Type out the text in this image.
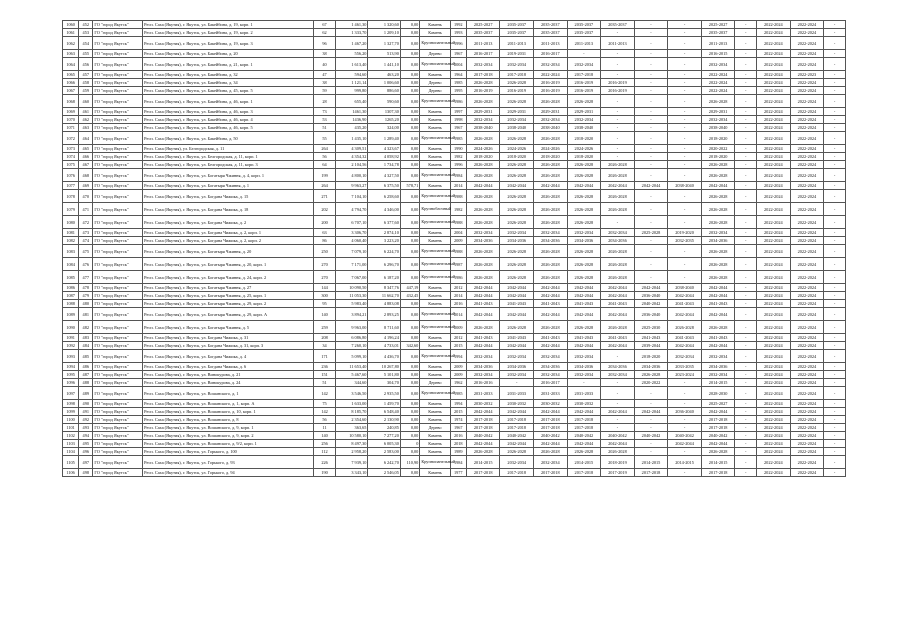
1060	452	ГО "город Якутск"	Респ. Саха (Якутия), г. Якутск, ул. Бакейбина, д. 19, корп. 1	67	1 461,30	1 320,60	0,00	Камень	1992	2025-2027	2035-2037	2035-2037	2035-2037	2035-2037	-	-	2025-2027	-	2022-2024	2022-2024	-
1061	453	ГО "город Якутск"	Респ. Саха (Якутия), г. Якутск, ул. Бакейбина, д. 19, корп. 2	62	1 333,70	1 209,10	0,00	Камень	1993	2035-2037	2035-2037	2035-2037	2035-2037	-	-	-	2035-2037	-	2022-2024	2022-2024	-
1062	454	ГО "город Якутск"	Респ. Саха (Якутия), г. Якутск, ул. Бакейбина, д. 19, корп. 3	96	1 467,20	1 327,70	0,00	Крупнопанельный	1996	2011-2013	2011-2013	2011-2013	2011-2013	2011-2013	-	-	2011-2013	-	2022-2024	2022-2024	-
1063	455	ГО "город Якутск"	Респ. Саха (Якутия), г. Якутск, ул. Бакейбина, д. 20	38	556,20	513,90	0,00	Дерево	1967	2016-2017	2019-2031	2016-2017	-	-	-	-	2016-2015	-	2022-2024	2022-2024	-
1064	456	ГО "город Якутск"	Респ. Саха (Якутия), г. Якутск, ул. Бакейбина, д. 21, корп. 1	40	1 613,40	1 441,10	0,00	Крупнопанельный	2004	2032-2034	2032-2034	2032-2034	2032-2034	-	-	-	2032-2034	-	2022-2024	2022-2024	-
1065	457	ГО "город Якутск"	Респ. Саха (Якутия), г. Якутск, ул. Бакейбина, д. 32	47	594,60	463,20	0,00	Камень	1964	2017-2018	2017-2018	2022-2024	2017-2018	-	-	-	2022-2024	-	2022-2024	2022-2023	-
1066	458	ГО "город Якутск"	Респ. Саха (Якутия), г. Якутск, ул. Бакейбина, д. 34	38	1 121,14	1 006,60	0,00	Дерево	1985	2026-2028	2026-2028	2016-2019	2016-2019	2016-2019	-	-	2022-2024	-	2022-2024	2022-2024	-
1067	459	ГО "город Якутск"	Респ. Саха (Якутия), г. Якутск, ул. Бакейбина, д. 45, корп. 5	59	999,80	886,60	0,00	Дерево	1995	2016-2019	2016-2019	2016-2019	2016-2019	2016-2019	-	-	2022-2024	-	2022-2024	2022-2024	-
1068	460	ГО "город Якутск"	Респ. Саха (Якутия), г. Якутск, ул. Бакейбина, д. 46, корп. 1	28	655,40	590,60	0,00	Крупнопанельный	1986	2026-2028	2026-2028	2026-2028	2026-2028	-	-	-	2026-2028	-	2022-2024	2022-2024	-
1069	461	ГО "город Якутск"	Респ. Саха (Якутия), г. Якутск, ул. Бакейбина, д. 46, корп. 3	73	1461,30	1307,30	0,00	Камень	1997	2029-2031	2029-2031	2029-2031	2029-2031	-	-	-	2029-2031	-	2022-2024	2022-2024	-
1070	462	ГО "город Якутск"	Респ. Саха (Якутия), г. Якутск, ул. Бакейбина, д. 46, корп. 4	53	1436,90	1265,20	0,00	Камень	1998	2032-2034	2032-2034	2032-2034	2032-2034	-	-	-	2032-2034	-	2022-2024	2022-2024	-
1071	463	ГО "город Якутск"	Респ. Саха (Якутия), г. Якутск, ул. Бакейбина, д. 46, корп. 5	51	435,20	324,00	0,00	Камень	1967	2038-2040	2038-2040	2038-2040	2038-2040	-	-	-	2038-2040	-	2022-2024	2022-2024	-
1072	464	ГО "город Якутск"	Респ. Саха (Якутия), г. Якутск, ул. Бакейбина, д. 50	55	1 435,10	1 289,40	0,00	Крупнопанельный	1985	2026-2028	2026-2028	2026-2028	2018-2020	-	-	-	2018-2020	-	2022-2024	2022-2024	-
1073	465	ГО "город Якутск"	Респ. Саха (Якутия), ул. Белгородская, д. 11	264	4 309,51	4 323,67	0,00	Камень	1990	2024-2026	2024-2026	2024-2026	2024-2026	-	-	-	2020-2022	-	2022-2024	2022-2024	-
1074	466	ГО "город Якутск"	Респ. Саха (Якутия), г. Якутск, ул. Белгородская, д. 11, корп. 1	56	4 354,32	4 058,92	0,00	Камень	1982	2018-2020	2018-2020	2018-2020	2018-2020	-	-	-	2018-2020	-	2022-2024	2022-2024	-
1075	467	ГО "город Якутск"	Респ. Саха (Якутия), г. Якутск, ул. Белгородская, д. 11, корп. 3	64	2 104,56	1 734,78	0,00	Камень	1996	2026-2028	2026-2028	2026-2028	2026-2028	2026-2028	-	-	2026-2028	-	2022-2024	2022-2024	-
1076	468	ГО "город Якутск"	Респ. Саха (Якутия), г. Якутск, ул. Богатыря Чжиння, д. 4, корп. 1	199	4 800,10	4 327,50	0,00	Крупнопанельный	1984	2026-2028	2026-2028	2026-2028	2026-2028	2026-2028	-	-	2026-2028	-	2022-2024	2022-2024	-
1077	469	ГО "город Якутск"	Респ. Саха (Якутия), г. Якутск, ул. Богатыря Чжиння, д. 1	264	9 963,27	6 375,50	578,71	Камень	2014	2042-2044	2042-2044	2042-2044	2042-2044	2042-2044	2042-2044	2038-2040	2042-2044	-	2022-2024	2022-2024	-
1078	470	ГО "город Якутск"	Респ. Саха (Якутия), г. Якутск, ул. Богдана Чижика, д. 15	271	7 104,10	6 258,60	0,00	Крупнопанельный	1988	2026-2028	2026-2028	2026-2028	2026-2028	2026-2028	-	-	2026-2028	-	2022-2024	2022-2024	-
1079	471	ГО "город Якутск"	Респ. Саха (Якутия), г. Якутск, ул. Богдана Чижика, д. 18	202	4 794,70	4 346,00	0,00	Крупноблочный	1982	2026-2028	2026-2028	2026-2028	2026-2028	2026-2028	-	-	2026-2028	-	2022-2024	2022-2024	-
1080	472	ГО "город Якутск"	Респ. Саха (Якутия), г. Якутск, ул. Богдана Чижика, д. 2	200	6 707,10	6 377,60	0,00	Крупнопанельный	1988	2026-2028	2026-2028	2026-2028	2026-2028	-	-	-	2026-2028	-	2022-2024	2022-2024	-
1081	473	ГО "город Якутск"	Респ. Саха (Якутия), г. Якутск, ул. Богдана Чижика, д. 2, корп. 1	63	3 306,70	2 874,10	0,00	Камень	2004	2032-2034	2032-2034	2032-2034	2032-2034	2032-2034	2025-2028	2019-2020	2032-2034	-	2022-2024	2022-2024	-
1082	474	ГО "город Якутск"	Респ. Саха (Якутия), г. Якутск, ул. Богдана Чижика, д. 2, корп. 2	86	4 060,40	3 223,20	0,00	Камень	2009	2034-2036	2034-2036	2034-2036	2034-2036	2034-2036	-	2032-2035	2034-2036	-	2022-2024	2022-2024	-
1083	475	ГО "город Якутск"	Респ. Саха (Якутия), г. Якутск, ул. Богатыря Чжиння, д. 20	250	7 079,10	6 224,70	0,00	Крупнопанельный	1988	2026-2028	2026-2028	2026-2028	2026-2028	2026-2028	-	-	2026-2028	-	2022-2024	2022-2024	-
1084	476	ГО "город Якутск"	Респ. Саха (Якутия), г. Якутск, ул. Богатыря Чжиння, д. 20, корп. 1	270	7 171,00	6 296,70	0,00	Крупнопанельный	1987	2026-2028	2026-2028	2026-2028	2026-2028	2026-2028	-	-	2026-2028	-	2022-2024	2022-2024	-
1085	477	ГО "город Якутск"	Респ. Саха (Якутия), г. Якутск, ул. Богатыря Чжиння, д. 24, корп. 2	270	7 067,00	6 187,20	0,00	Крупнопанельный	1986	2026-2028	2026-2028	2026-2028	2026-2028	2026-2028	-	-	2026-2028	-	2022-2024	2022-2024	-
1086	478	ГО "город Якутск"	Респ. Саха (Якутия), г. Якутск, ул. Богатыря Чжиння, д. 27	144	10 090,50	8 347,76	447,19	Камень	2012	2042-2044	2042-2044	2042-2044	2042-2044	2042-2044	2042-2044	2038-2040	2042-2044	-	2022-2024	2022-2024	-
1087	479	ГО "город Якутск"	Респ. Саха (Якутия), г. Якутск, ул. Богатыря Чжиння, д. 25, корп. 1	300	11 053,30	11 662,70	432,45	Камень	2014	2042-2044	2042-2044	2042-2044	2042-2044	2042-2044	2036-2040	2042-2044	2042-2044	-	2022-2024	2022-2024	-
1088	480	ГО "город Якутск"	Респ. Саха (Якутия), г. Якутск, ул. Богатыря Чжиння, д. 29, корп. 2	95	5 983,40	4 883,08	0,00	Камень	2016	2041-2043	2041-2043	2041-2043	2041-2043	2041-2043	2040-2042	2041-2043	2041-2043	-	2022-2024	2022-2024	-
1089	481	ГО "город Якутск"	Респ. Саха (Якутия), г. Якутск, ул. Богатыря Чжиння, д. 29, корп. А	140	3 894,21	2 893,25	0,00	Крупнопанельный	2014	2042-2044	2042-2044	2042-2044	2042-2044	2042-2044	2036-2040	2042-2044	2042-2044	-	2022-2024	2022-2024	-
1090	482	ГО "город Якутск"	Респ. Саха (Якутия), г. Якутск, ул. Богатыря Чжиння, д. 5	259	9 963,00	8 711,60	0,00	Крупнопанельный	2009	2026-2028	2026-2028	2026-2028	2026-2028	2026-2028	2025-2030	2026-2028	2026-2028	-	2022-2024	2022-2024	-
1091	483	ГО "город Якутск"	Респ. Саха (Якутия), г. Якутск, ул. Богдана Чижика, д. 31	208	6 086,80	4 196,24	0,00	Камень	2012	2041-2043	2041-2043	2041-2043	2041-2043	2041-2043	2041-2043	2041-2043	2041-2043	-	2022-2024	2022-2024	-
1092	484	ГО "город Якутск"	Респ. Саха (Якутия), г. Якутск, ул. Богдана Чижика, д. 31, корп. 3	34	7 260,10	4 733,01	342,60	Камень	2015	2042-2044	2042-2044	2042-2044	2042-2044	2042-2044	2039-2044	2042-2044	2042-2044	-	2022-2024	2022-2024	-
1093	485	ГО "город Якутск"	Респ. Саха (Якутия), г. Якутск, ул. Богдана Чижика, д. 4	171	5 099,10	4 436,70	0,00	Крупнопанельный	1994	2032-2034	2032-2034	2032-2034	2032-2034	-	2018-2020	2032-2034	2032-2034	-	2022-2024	2022-2024	-
1094	486	ГО "город Якутск"	Респ. Саха (Якутия), г. Якутск, ул. Богдана Чижика, д. 6	236	11 653,40	10 267,80	0,00	Камень	2009	2034-2036	2034-2036	2034-2036	2034-2036	2034-2036	2034-2036	2033-2035	2034-2036	-	2022-2024	2022-2024	-
1095	487	ГО "город Якутск"	Респ. Саха (Якутия), г. Якутск, ул. Винокурова, д. 21	151	5 467,60	5 101,80	0,00	Камень	2009	2032-2034	2032-2034	2032-2034	2032-2034	2032-2034	2026-2028	2023-2024	2032-2034	-	2022-2024	2022-2024	-
1096	488	ГО "город Якутск"	Респ. Саха (Якутия), г. Якутск, ул. Винокурова, д. 24	51	344,60	304,70	0,00	Дерево	1962	2016-2016	-	2016-2017	-	-	2020-2022	-	2014-2015	-	2022-2024	2022-2024	-
1097	489	ГО "город Якутск"	Респ. Саха (Якутия), г. Якутск, ул. Вошанского, д. 1	142	3 546,50	2 935,50	0,00	Крупнопанельный	1985	2031-2033	2031-2033	2031-2033	2031-2033	-	-	-	2028-2030	-	2022-2024	2022-2024	-
1098	490	ГО "город Якутск"	Респ. Саха (Якутия), г. Якутск, ул. Вошанского, д. 1, корп. А	75	1 633,00	1 459,70	0,00	Камень	1994	2030-2032	2030-2032	2030-2032	2030-2032	-	-	-	2025-2027	-	2022-2024	2022-2024	-
1099	491	ГО "город Якутск"	Респ. Саха (Якутия), г. Якутск, ул. Вошанского, д. 10, корп. 1	142	8 185,70	6 548,40	0,00	Камень	2015	2042-2044	2042-2044	2042-2044	2042-2044	2042-2044	2042-2044	2036-2040	2042-2044	-	2022-2024	2022-2024	-
1100	492	ГО "город Якутск"	Респ. Саха (Якутия), г. Якутск, ул. Вошанского, д. 8	56	2 354,60	2 130,90	0,00	Камень	1974	2017-2018	2017-2018	2017-2018	2017-2018	-	-	-	2017-2018	-	2022-2024	2022-2024	-
1101	493	ГО "город Якутск"	Респ. Саха (Якутия), г. Якутск, ул. Вошанского, д. 9, корп. 1	11	363,65	240,85	0,00	Дерево	1967	2017-2018	2017-2018	2017-2018	2017-2018	-	-	-	2017-2018	-	2022-2024	2022-2024	-
1102	494	ГО "город Якутск"	Респ. Саха (Якутия), г. Якутск, ул. Вошанского, д. 9, корп. 2	140	10 580,10	7 277,20	0,00	Камень	2016	2040-2042	2040-2042	2040-2042	2040-2042	2040-2042	2040-2042	2040-2042	2040-2042	-	2022-2024	2022-2024	-
1103	495	ГО "город Якутск"	Респ. Саха (Якутия), г. Якутск, ул. Вошанского, д. 9/2, корп. 1	256	8 497,30	6 005,30	0	Камень	2018	2042-2044	2042-2044	2042-2044	2042-2044	2042-2044	-	2042-2044	2042-2044	-	2022-2024	2022-2024	-
1104	496	ГО "город Якутск"	Респ. Саха (Якутия), г. Якутск, ул. Горького, д. 100	112	2 958,20	2 583,00	0,00	Камень	1989	2026-2028	2026-2028	2026-2028	2026-2028	2026-2028	-	-	2026-2028	-	2022-2024	2022-2024	-
1105	497	ГО "город Якутск"	Респ. Саха (Якутия), г. Якутск, ул. Горького, д. 93	226	7 939,10	6 242,70	110,90	Крупнопанельный	1984	2014-2015	2032-2034	2032-2034	2014-2015	2018-2019	2014-2015	2014-2015	2014-2015	-	2022-2024	2022-2024	-
1106	498	ГО "город Якутск"	Респ. Саха (Якутия), г. Якутск, ул. Горького, д. 94	190	3 343,10	2 546,05	0,00	Камень	1977	2017-2018	2017-2018	2017-2018	2017-2018	2017-2019	2017-2018	-	2017-2018	-	2022-2024	2022-2024	-
